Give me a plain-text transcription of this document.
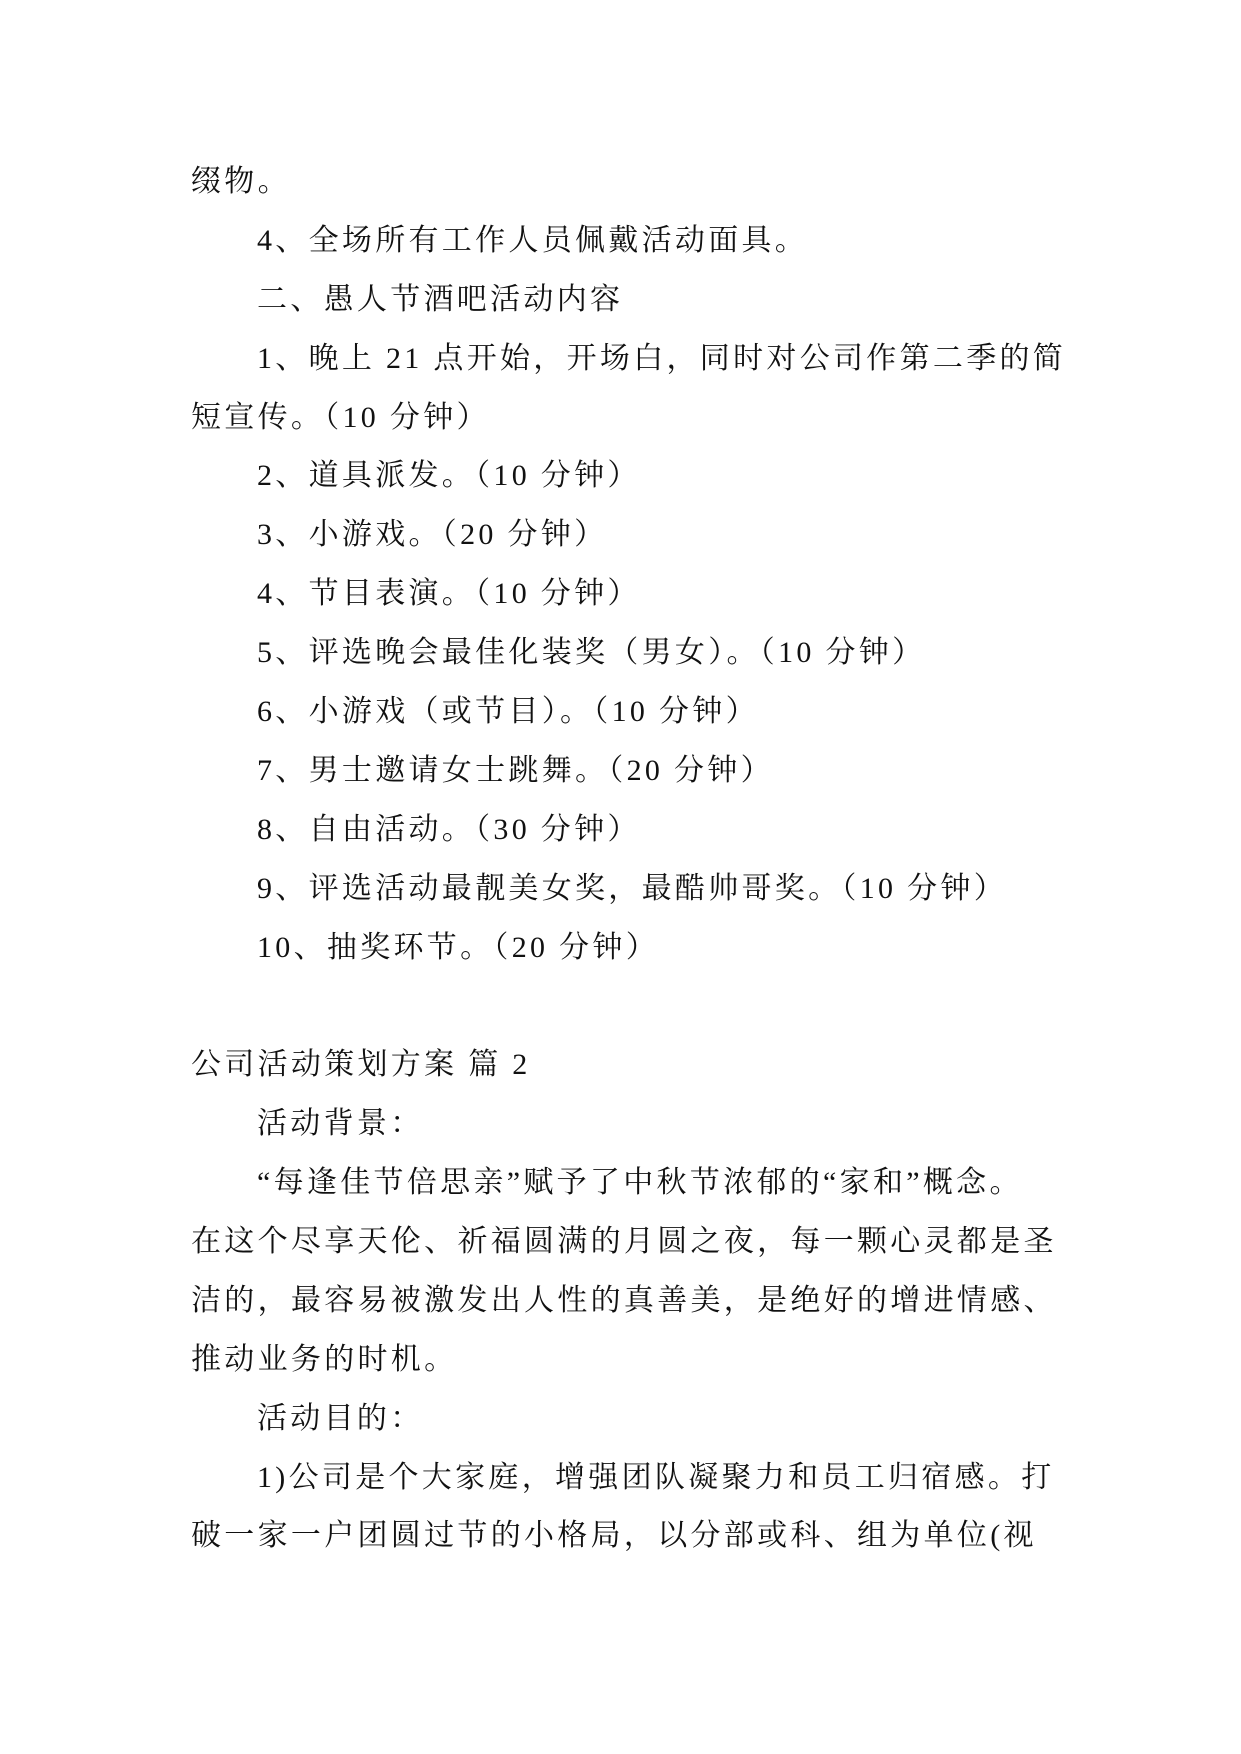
缀物。
4、全场所有工作人员佩戴活动面具。
二、愚人节酒吧活动内容
1、晚上 21 点开始，开场白，同时对公司作第二季的简
短宣传。（10 分钟）
2、道具派发。（10 分钟）
3、小游戏。（20 分钟）
4、节目表演。（10 分钟）
5、评选晚会最佳化装奖（男女）。（10 分钟）
6、小游戏（或节目）。（10 分钟）
7、男士邀请女士跳舞。（20 分钟）
8、自由活动。（30 分钟）
9、评选活动最靓美女奖，最酷帅哥奖。（10 分钟）
10、抽奖环节。（20 分钟）
公司活动策划方案 篇 2
活动背景：
“每逢佳节倍思亲”赋予了中秋节浓郁的“家和”概念。
在这个尽享天伦、祈福圆满的月圆之夜，每一颗心灵都是圣
洁的，最容易被激发出人性的真善美，是绝好的增进情感、
推动业务的时机。
活动目的：
1)公司是个大家庭，增强团队凝聚力和员工归宿感。打
破一家一户团圆过节的小格局，以分部或科、组为单位(视
